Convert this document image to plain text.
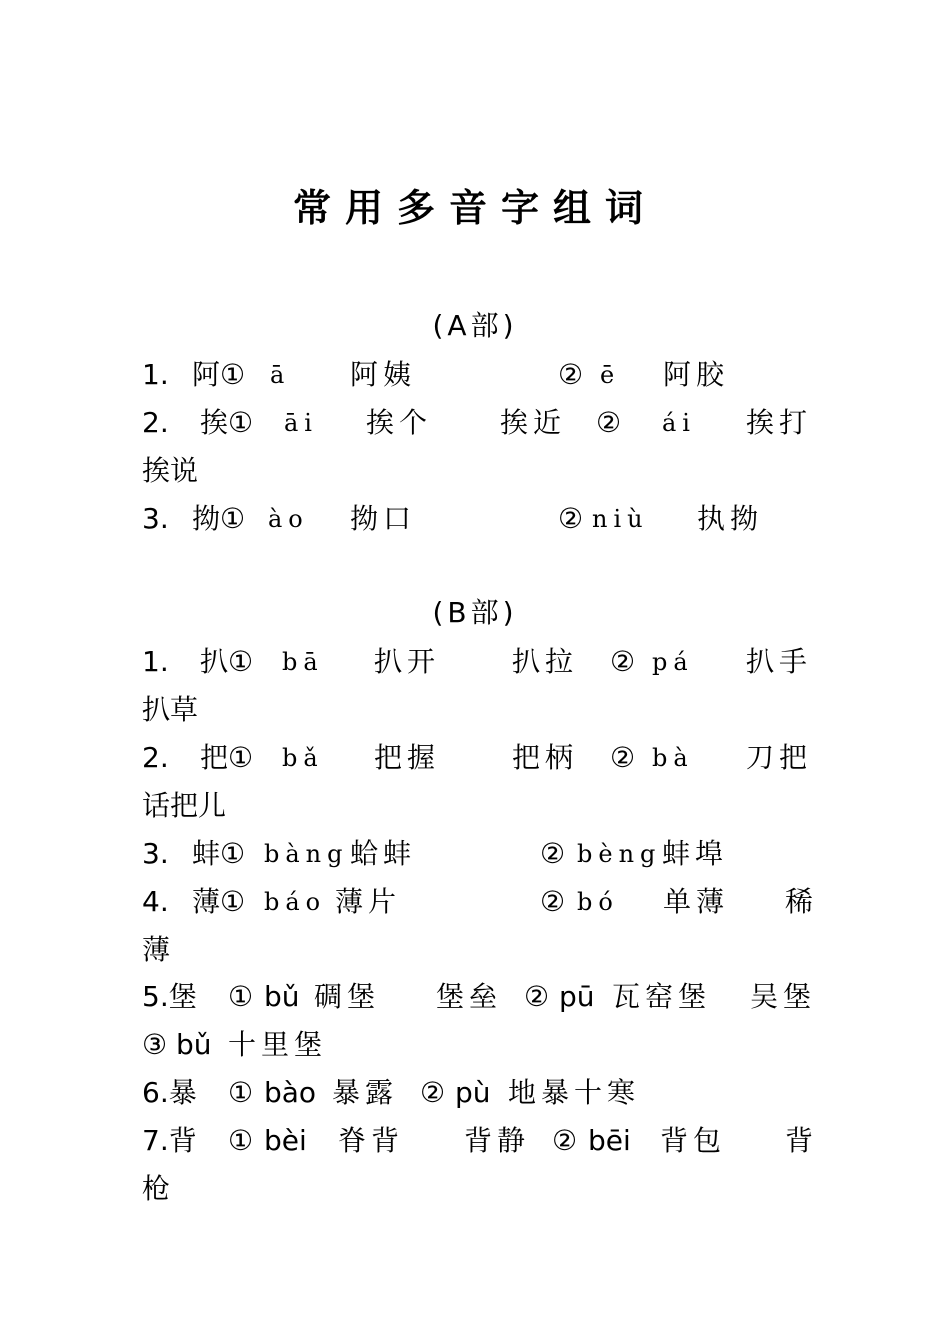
常用多音字组词
(A部)
1. 阿① ā 阿姨	② ē 阿胶
2. 挨① āi 挨个 挨近 ② ái 挨打
挨说
3. 拗① ào 拗口	② niù 执拗
(B部)
1. 扒① bā 扒开	扒拉 ② pá 扒手
扒草
2. 把① bǎ 把握	把柄 ② bà 刀把
话把儿
3. 蚌① bàng 蛤蚌	② bèng 蚌埠
4. 薄① báo 薄片	② bó 单薄 稀
薄
5.堡 ① bǔ 碉堡 堡垒 ② pū 瓦窑堡 吴堡
③ bǔ 十里堡
6.暴 ① bào 暴露 ② pù 地暴十寒
7.背 ① bèi 脊背 背静 ② bēi 背包 背
枪
